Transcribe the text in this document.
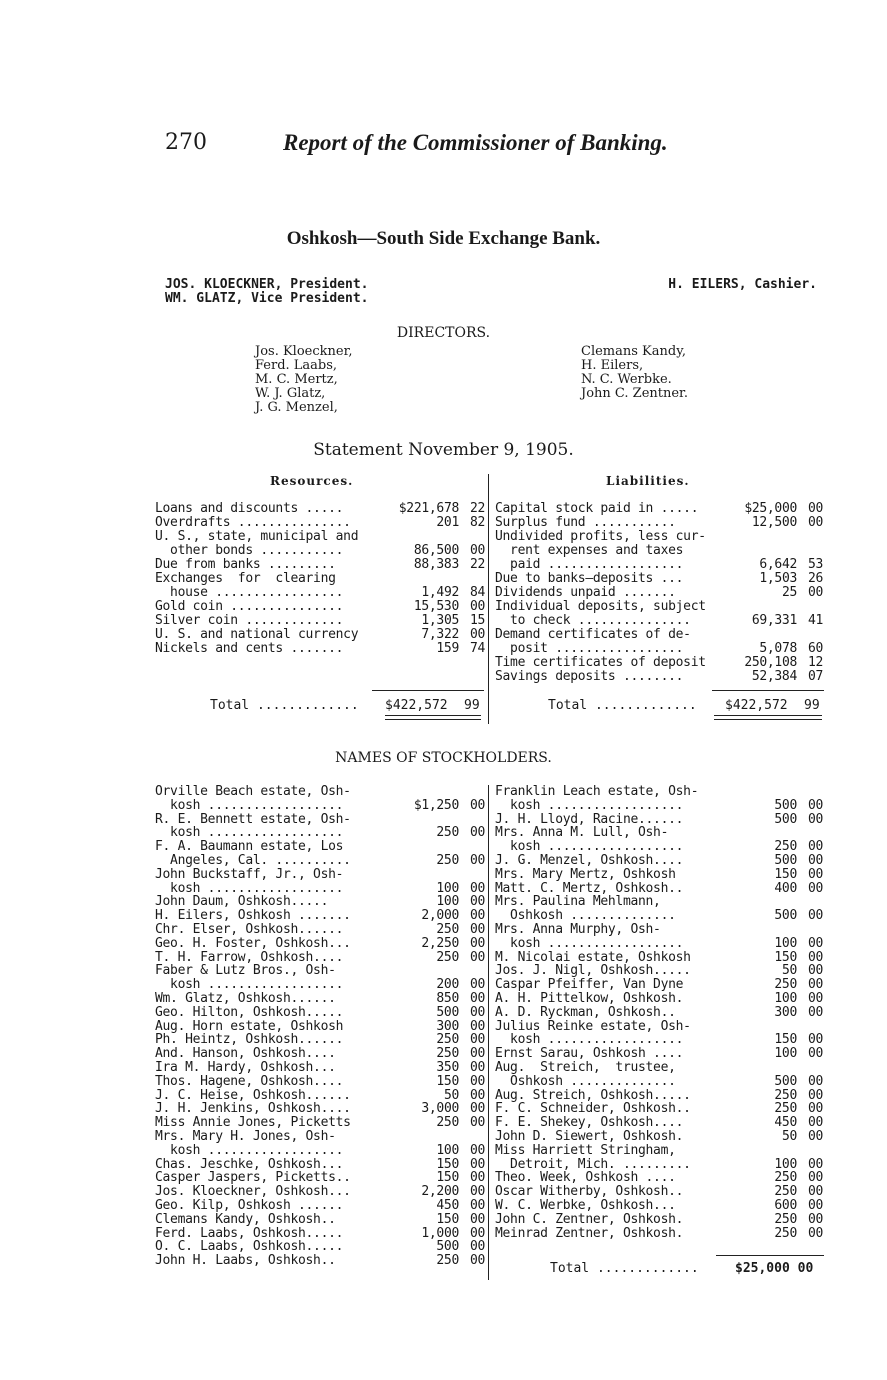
270	Report of the Commissioner of Banking.
Oshkosh—South Side Exchange Bank.
JOS. KLOECKNER, President.
WM. GLATZ, Vice President.
H. EILERS, Cashier.
DIRECTORS.
Jos. Kloeckner,
Ferd. Laabs,
M. C. Mertz,
W. J. Glatz,
J. G. Menzel,
Clemans Kandy,
H. Eilers,
N. C. Werbke.
John C. Zentner.
Statement November 9, 1905.
Resources.	Liabilities.
Loans and discounts .....	$221,678 22
Overdrafts ...............	201 82
U. S., state, municipal and
other bonds ...........	86,500 00
Due from banks .........	88,383 22
Exchanges  for  clearing
house .................	1,492 84
Gold coin ...............	15,530 00
Silver coin .............	1,305 15
U. S. and national currency	7,322 00
Nickels and cents .......	159 74
Capital stock paid in .....	$25,000 00
Surplus fund ...........	12,500 00
Undivided profits, less cur-
rent expenses and taxes
paid ..................	6,642 53
Due to banks—deposits ...	1,503 26
Dividends unpaid .......	25 00
Individual deposits, subject
to check ...............	69,331 41
Demand certificates of de-
posit .................	5,078 60
Time certificates of deposit	250,108 12
Savings deposits ........	52,384 07
Total ............. $422,572 99	Total ............. $422,572 99
NAMES OF STOCKHOLDERS.
Orville Beach estate, Osh-
kosh ..................	$1,250 00
R. E. Bennett estate, Osh-
kosh ..................	250 00
F. A. Baumann estate, Los
Angeles, Cal. ..........	250 00
John Buckstaff, Jr., Osh-
kosh ..................	100 00
John Daum, Oshkosh.....	100 00
H. Eilers, Oshkosh .......	2,000 00
Chr. Elser, Oshkosh......	250 00
Geo. H. Foster, Oshkosh...	2,250 00
T. H. Farrow, Oshkosh....	250 00
Faber & Lutz Bros., Osh-
kosh ..................	200 00
Wm. Glatz, Oshkosh......	850 00
Geo. Hilton, Oshkosh.....	500 00
Aug. Horn estate, Oshkosh	300 00
Ph. Heintz, Oshkosh......	250 00
And. Hanson, Oshkosh....	250 00
Ira M. Hardy, Oshkosh...	350 00
Thos. Hagene, Oshkosh....	150 00
J. C. Heise, Oshkosh......	50 00
J. H. Jenkins, Oshkosh....	3,000 00
Miss Annie Jones, Picketts	250 00
Mrs. Mary H. Jones, Osh-
kosh ..................	100 00
Chas. Jeschke, Oshkosh...	150 00
Casper Jaspers, Picketts..	150 00
Jos. Kloeckner, Oshkosh...	2,200 00
Geo. Kilp, Oshkosh ......	450 00
Clemans Kandy, Oshkosh..	150 00
Ferd. Laabs, Oshkosh.....	1,000 00
O. C. Laabs, Oshkosh.....	500 00
John H. Laabs, Oshkosh..	250 00
Franklin Leach estate, Osh-
kosh ..................	500 00
J. H. Lloyd, Racine......	500 00
Mrs. Anna M. Lull, Osh-
kosh ..................	250 00
J. G. Menzel, Oshkosh....	500 00
Mrs. Mary Mertz, Oshkosh	150 00
Matt. C. Mertz, Oshkosh..	400 00
Mrs. Paulina Mehlmann,
Oshkosh ..............	500 00
Mrs. Anna Murphy, Osh-
kosh ..................	100 00
M. Nicolai estate, Oshkosh	150 00
Jos. J. Nigl, Oshkosh.....	50 00
Caspar Pfeiffer, Van Dyne	250 00
A. H. Pittelkow, Oshkosh.	100 00
A. D. Ryckman, Oshkosh..	300 00
Julius Reinke estate, Osh-
kosh ..................	150 00
Ernst Sarau, Oshkosh ....	100 00
Aug.  Streich,  trustee,
Oshkosh ..............	500 00
Aug. Streich, Oshkosh.....	250 00
F. C. Schneider, Oshkosh..	250 00
F. E. Shekey, Oshkosh....	450 00
John D. Siewert, Oshkosh.	50 00
Miss Harriett Stringham,
Detroit, Mich. .........	100 00
Theo. Week, Oshkosh ....	250 00
Oscar Witherby, Oshkosh..	250 00
W. C. Werbke, Oshkosh...	600 00
John C. Zentner, Oshkosh.	250 00
Meinrad Zentner, Oshkosh.	250 00
Total .............	$25,000 00
